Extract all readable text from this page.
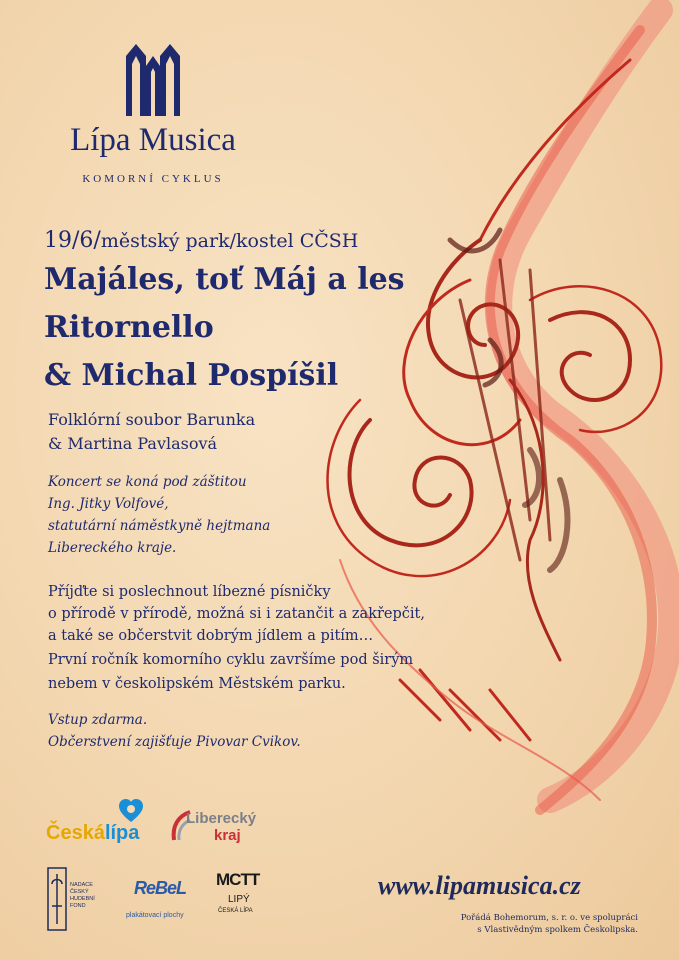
Lípa Musica
KOMORNÍ CYKLUS
19/6/městský park/kostel CČSH
Majáles, toť Máj a les
Ritornello
& Michal Pospíšil
Folklórní soubor Barunka
& Martina Pavlasová
Koncert se koná pod záštitou
Ing. Jitky Volfové,
statutární náměstkyně hejtmana
Libereckého kraje.
Příjďte si poslechnout líbezné písničky
o přírodě v přírodě, možná si i zatančit a zakřepčit,
a také se občerstvit dobrým jídlem a pitím…
První ročník komorního cyklu završíme pod širým
nebem v českolipském Městském parku.
Vstup zdarma.
Občerstvení zajišťuje Pivovar Cvikov.
Českálípa
Liberecký
kraj
NADACE
ČESKÝ
HUDEBNÍ
FOND
ReBeL
plakátovací plochy
MCTT
LIPÝ
ČESKÁ LÍPA
www.lipamusica.cz
Pořádá Bohemorum, s. r. o. ve spolupráci
s Vlastivědným spolkem Českolipska.
